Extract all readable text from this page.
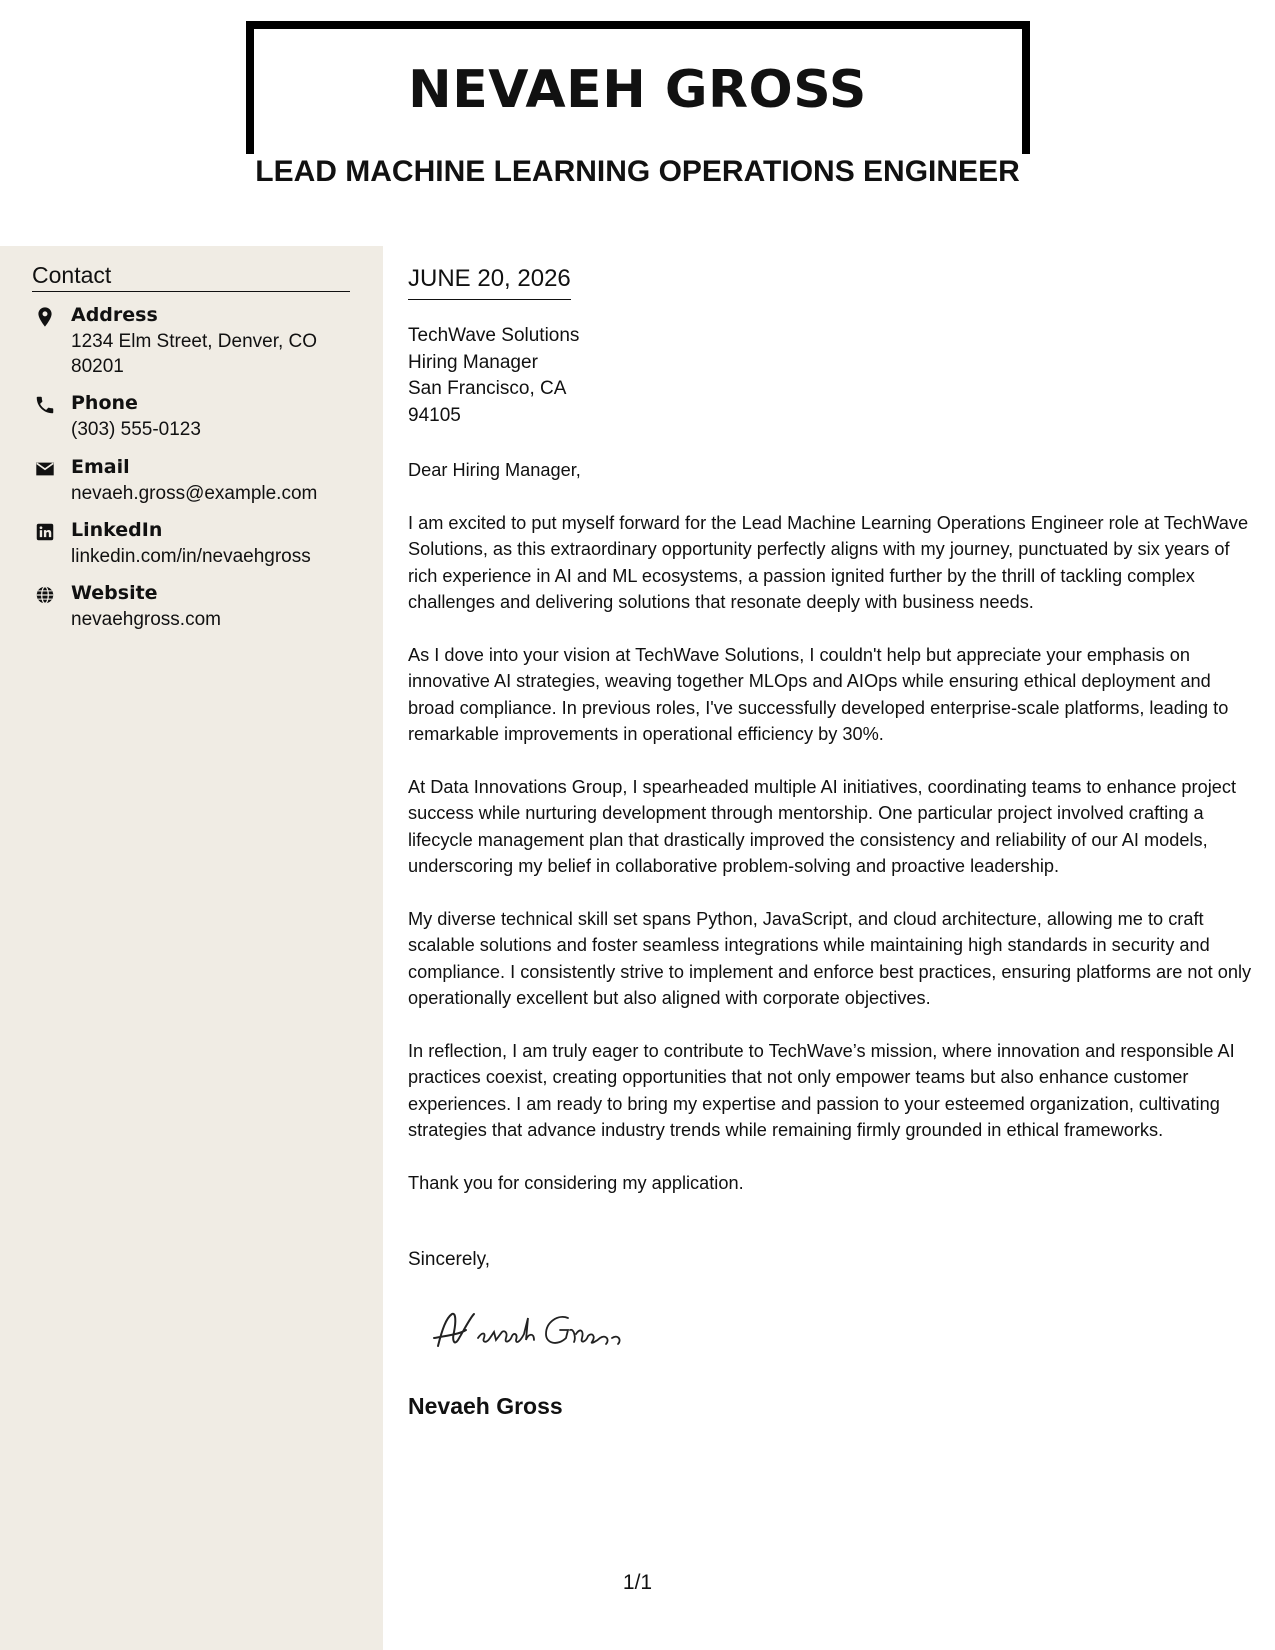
NEVAEH GROSS
LEAD MACHINE LEARNING OPERATIONS ENGINEER
Contact
Address
1234 Elm Street, Denver, CO 80201
Phone
(303) 555-0123
Email
nevaeh.gross@example.com
LinkedIn
linkedin.com/in/nevaehgross
Website
nevaehgross.com
JUNE 20, 2026
TechWave Solutions
Hiring Manager
San Francisco, CA
94105

Dear Hiring Manager,

I am excited to put myself forward for the Lead Machine Learning Operations Engineer role at TechWave Solutions, as this extraordinary opportunity perfectly aligns with my journey, punctuated by six years of rich experience in AI and ML ecosystems, a passion ignited further by the thrill of tackling complex challenges and delivering solutions that resonate deeply with business needs.

As I dove into your vision at TechWave Solutions, I couldn't help but appreciate your emphasis on innovative AI strategies, weaving together MLOps and AIOps while ensuring ethical deployment and broad compliance. In previous roles, I've successfully developed enterprise-scale platforms, leading to remarkable improvements in operational efficiency by 30%.

At Data Innovations Group, I spearheaded multiple AI initiatives, coordinating teams to enhance project success while nurturing development through mentorship. One particular project involved crafting a lifecycle management plan that drastically improved the consistency and reliability of our AI models, underscoring my belief in collaborative problem-solving and proactive leadership.

My diverse technical skill set spans Python, JavaScript, and cloud architecture, allowing me to craft scalable solutions and foster seamless integrations while maintaining high standards in security and compliance. I consistently strive to implement and enforce best practices, ensuring platforms are not only operationally excellent but also aligned with corporate objectives.

In reflection, I am truly eager to contribute to TechWave’s mission, where innovation and responsible AI practices coexist, creating opportunities that not only empower teams but also enhance customer experiences. I am ready to bring my expertise and passion to your esteemed organization, cultivating strategies that advance industry trends while remaining firmly grounded in ethical frameworks.

Thank you for considering my application.

Sincerely,
Nevaeh Gross
1/1
